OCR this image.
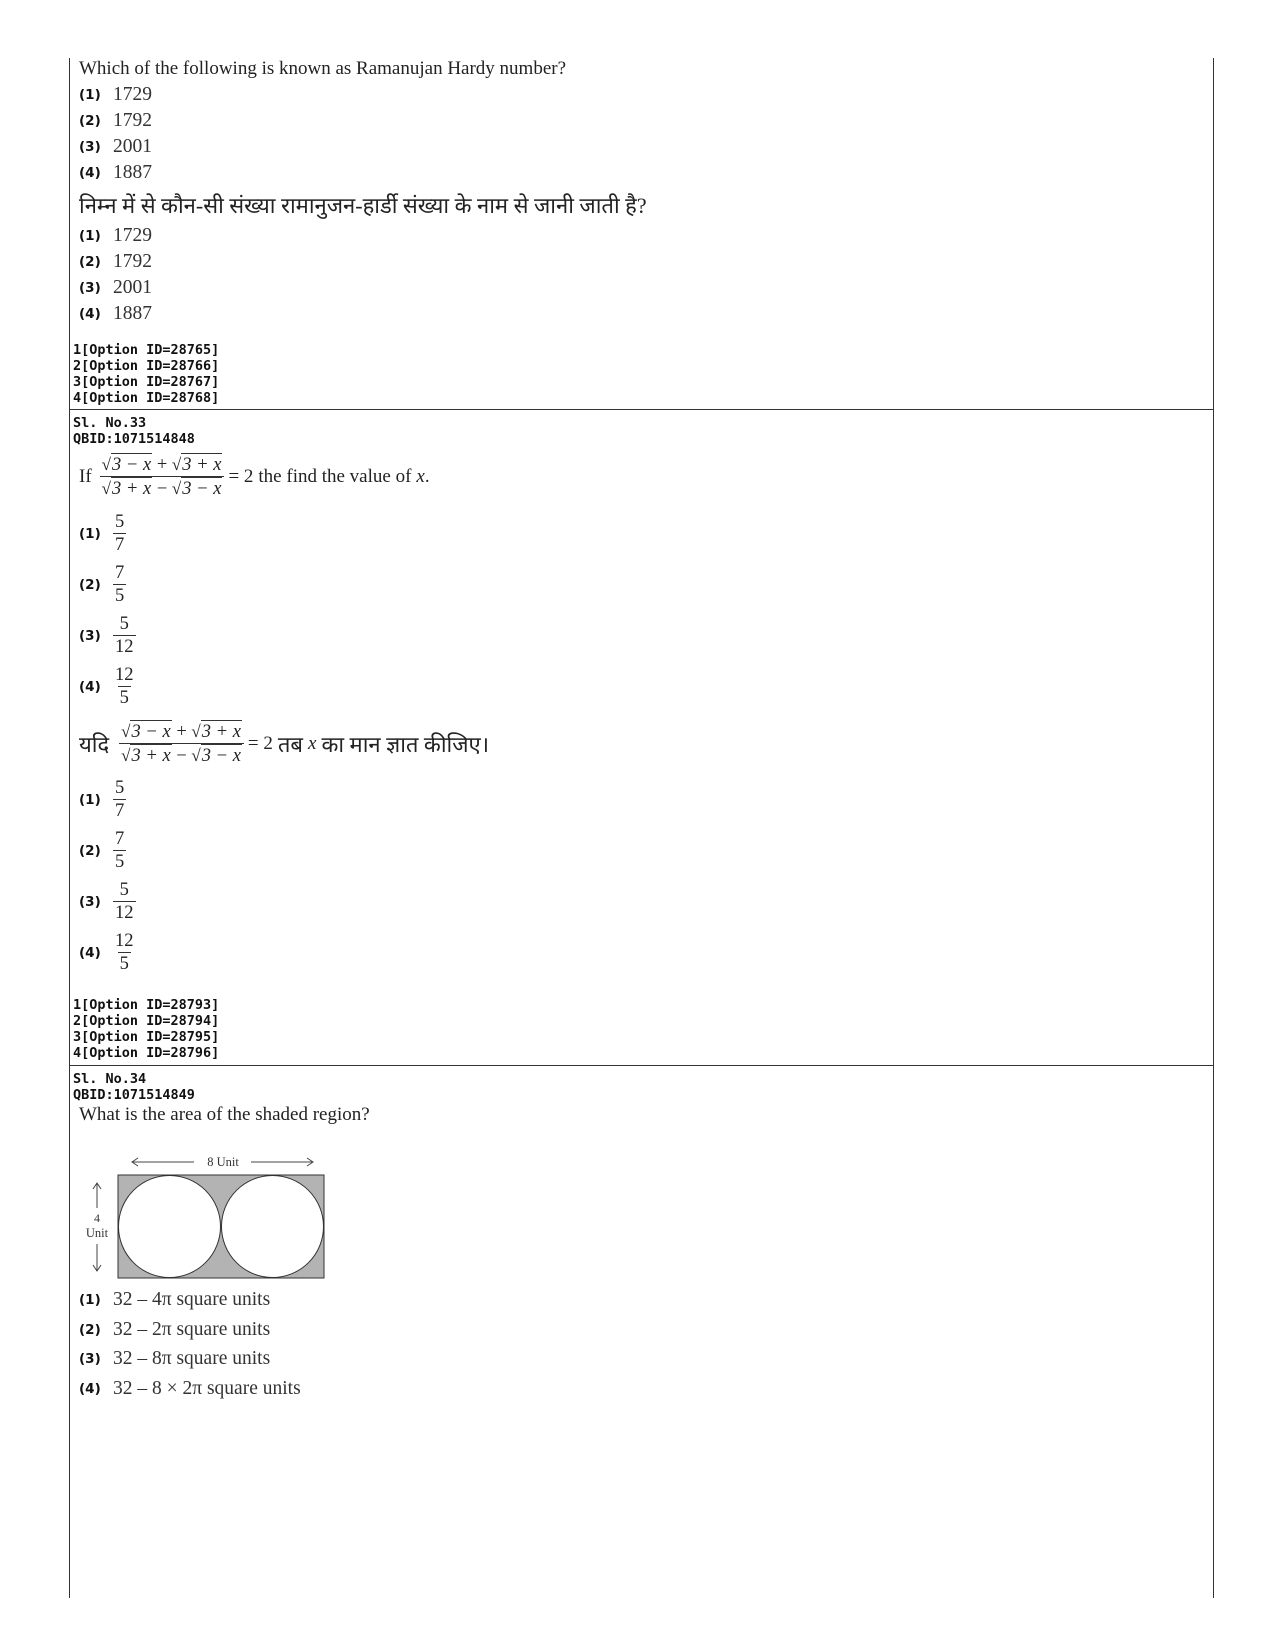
Which of the following is known as Ramanujan Hardy number?
(1) 1729
(2) 1792
(3) 2001
(4) 1887
निम्न में से कौन-सी संख्या रामानुजन-हार्डी संख्या के नाम से जानी जाती है?
(1) 1729
(2) 1792
(3) 2001
(4) 1887
1[Option ID=28765]
2[Option ID=28766]
3[Option ID=28767]
4[Option ID=28768]
Sl. No.33
QBID:1071514848
If $\frac{√3 - x + √3 + x}{√3 + x - √3 - x} = 2$ the find the value of x .
$(1) \frac{5}{7}$
$(2) \frac{7}{5}$
$(3) \frac{5}{12}$
$(4) \frac{12}{5}$
यदि $\frac{√3 - x + √3 + x}{√3 + x - √3 - x} = 2$ तब x का मान ज्ञात कीजिए।
$(1) \frac{5}{7}$
$(2) \frac{7}{5}$
$(3) \frac{5}{12}$
$(4) \frac{12}{5}$
1[Option ID=28793]
2[Option ID=28794]
3[Option ID=28795]
4[Option ID=28796]
Sl. No.34
QBID:1071514849
What is the area of the shaded region?
8 Unit
4
Unit
(1) 32 – 4π square units
(2) 32 – 2π square units
(3) 32 – 8π square units
(4) 32 – 8 × 2π square units
